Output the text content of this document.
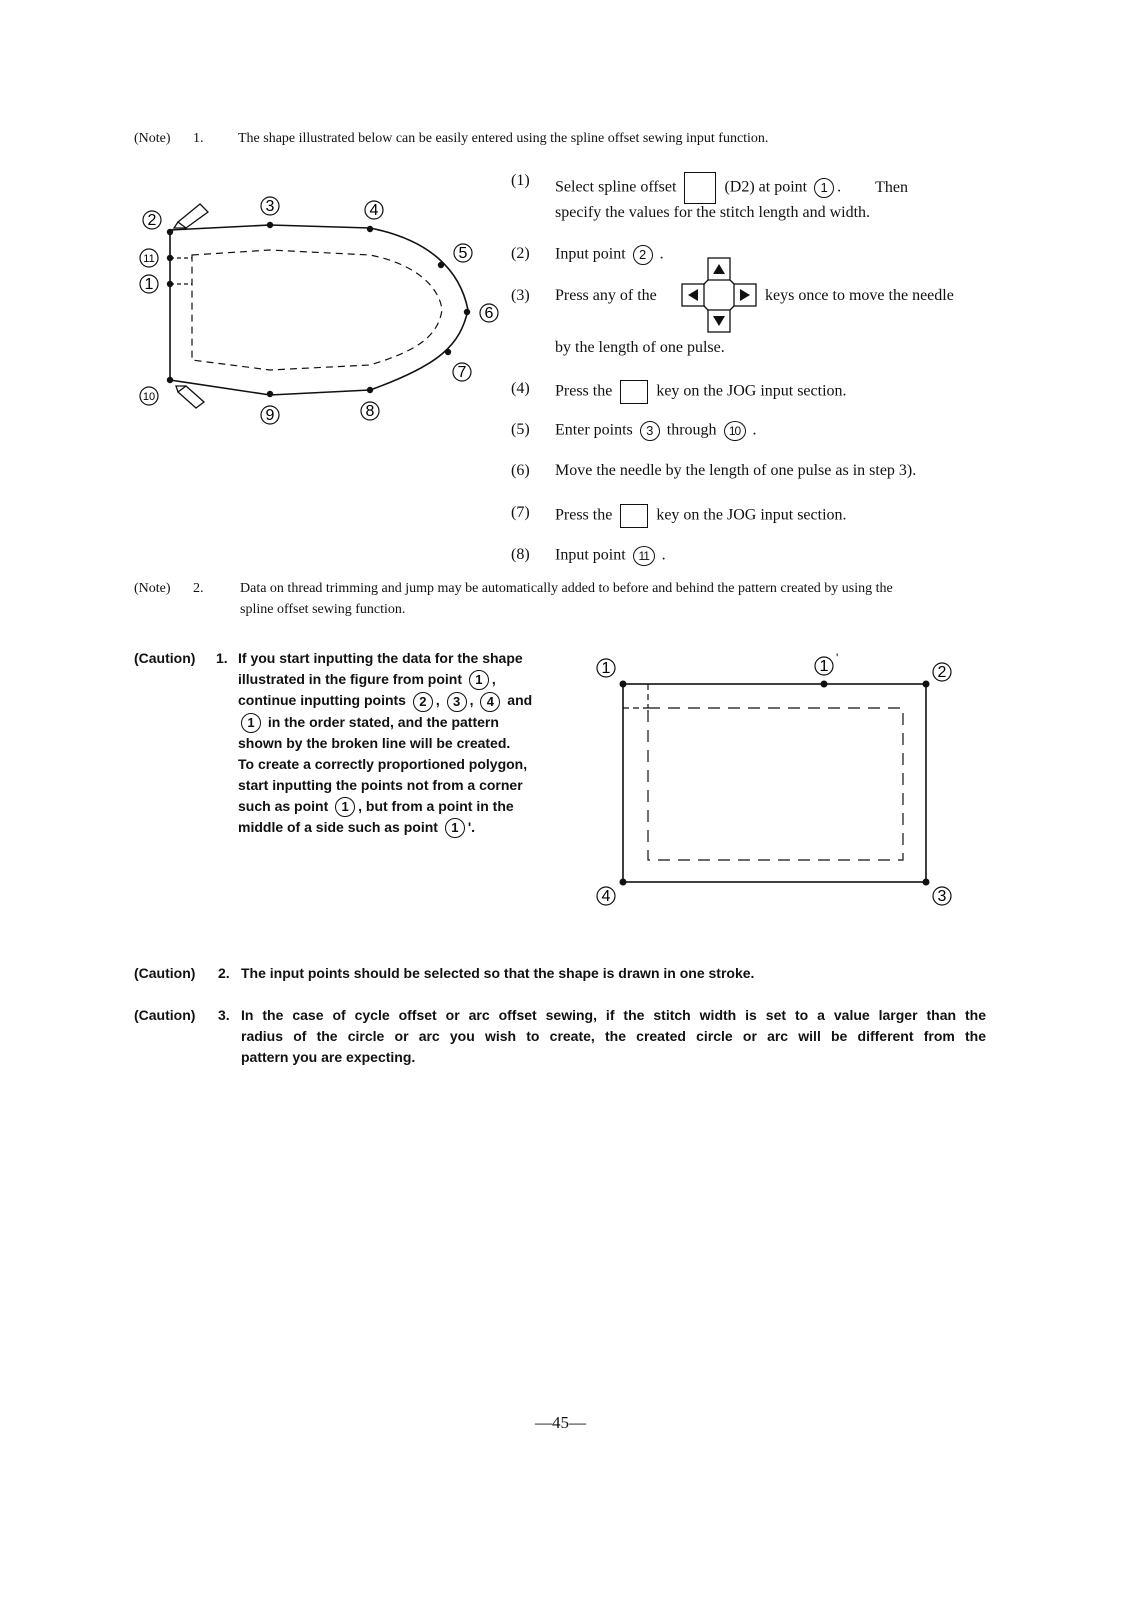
(Note) 1. The shape illustrated below can be easily entered using the spline offset sewing input function.
2
3	4
5
6
7
8
9
10
11
1
(1)	Select spline offset	(D2) at point 1 . Then
specify the values for the stitch length and width.
(2)	Input point 2 .
(3)	Press any of the	keys once to move the needle
by the length of one pulse.
(4)	Press the	key on the JOG input section.
(5)	Enter points 3 through 10 .
(6)	Move the needle by the length of one pulse as in step 3).
(7)	Press the	key on the JOG input section.
(8)	Input point 11 .
(Note) 2.	Data on thread trimming and jump may be automatically added to before and behind the pattern created by using the
spline offset sewing function.
(Caution) 1. If you start inputting the data for the shape
illustrated in the figure from point 1 ,
continue inputting points 2 , 3 , 4 and
1 in the order stated, and the pattern
shown by the broken line will be created.
To create a correctly proportioned polygon,
start inputting the points not from a corner
such as point 1 , but from a point in the
middle of a side such as point 1 '.
1	1 '
2
3
4
(Caution) 2. The input points should be selected so that the shape is drawn in one stroke.
(Caution) 3. In the case of cycle offset or arc offset sewing, if the stitch width is set to a value larger than the
radius of the circle or arc you wish to create, the created circle or arc will be different from the
pattern you are expecting.
—45—
